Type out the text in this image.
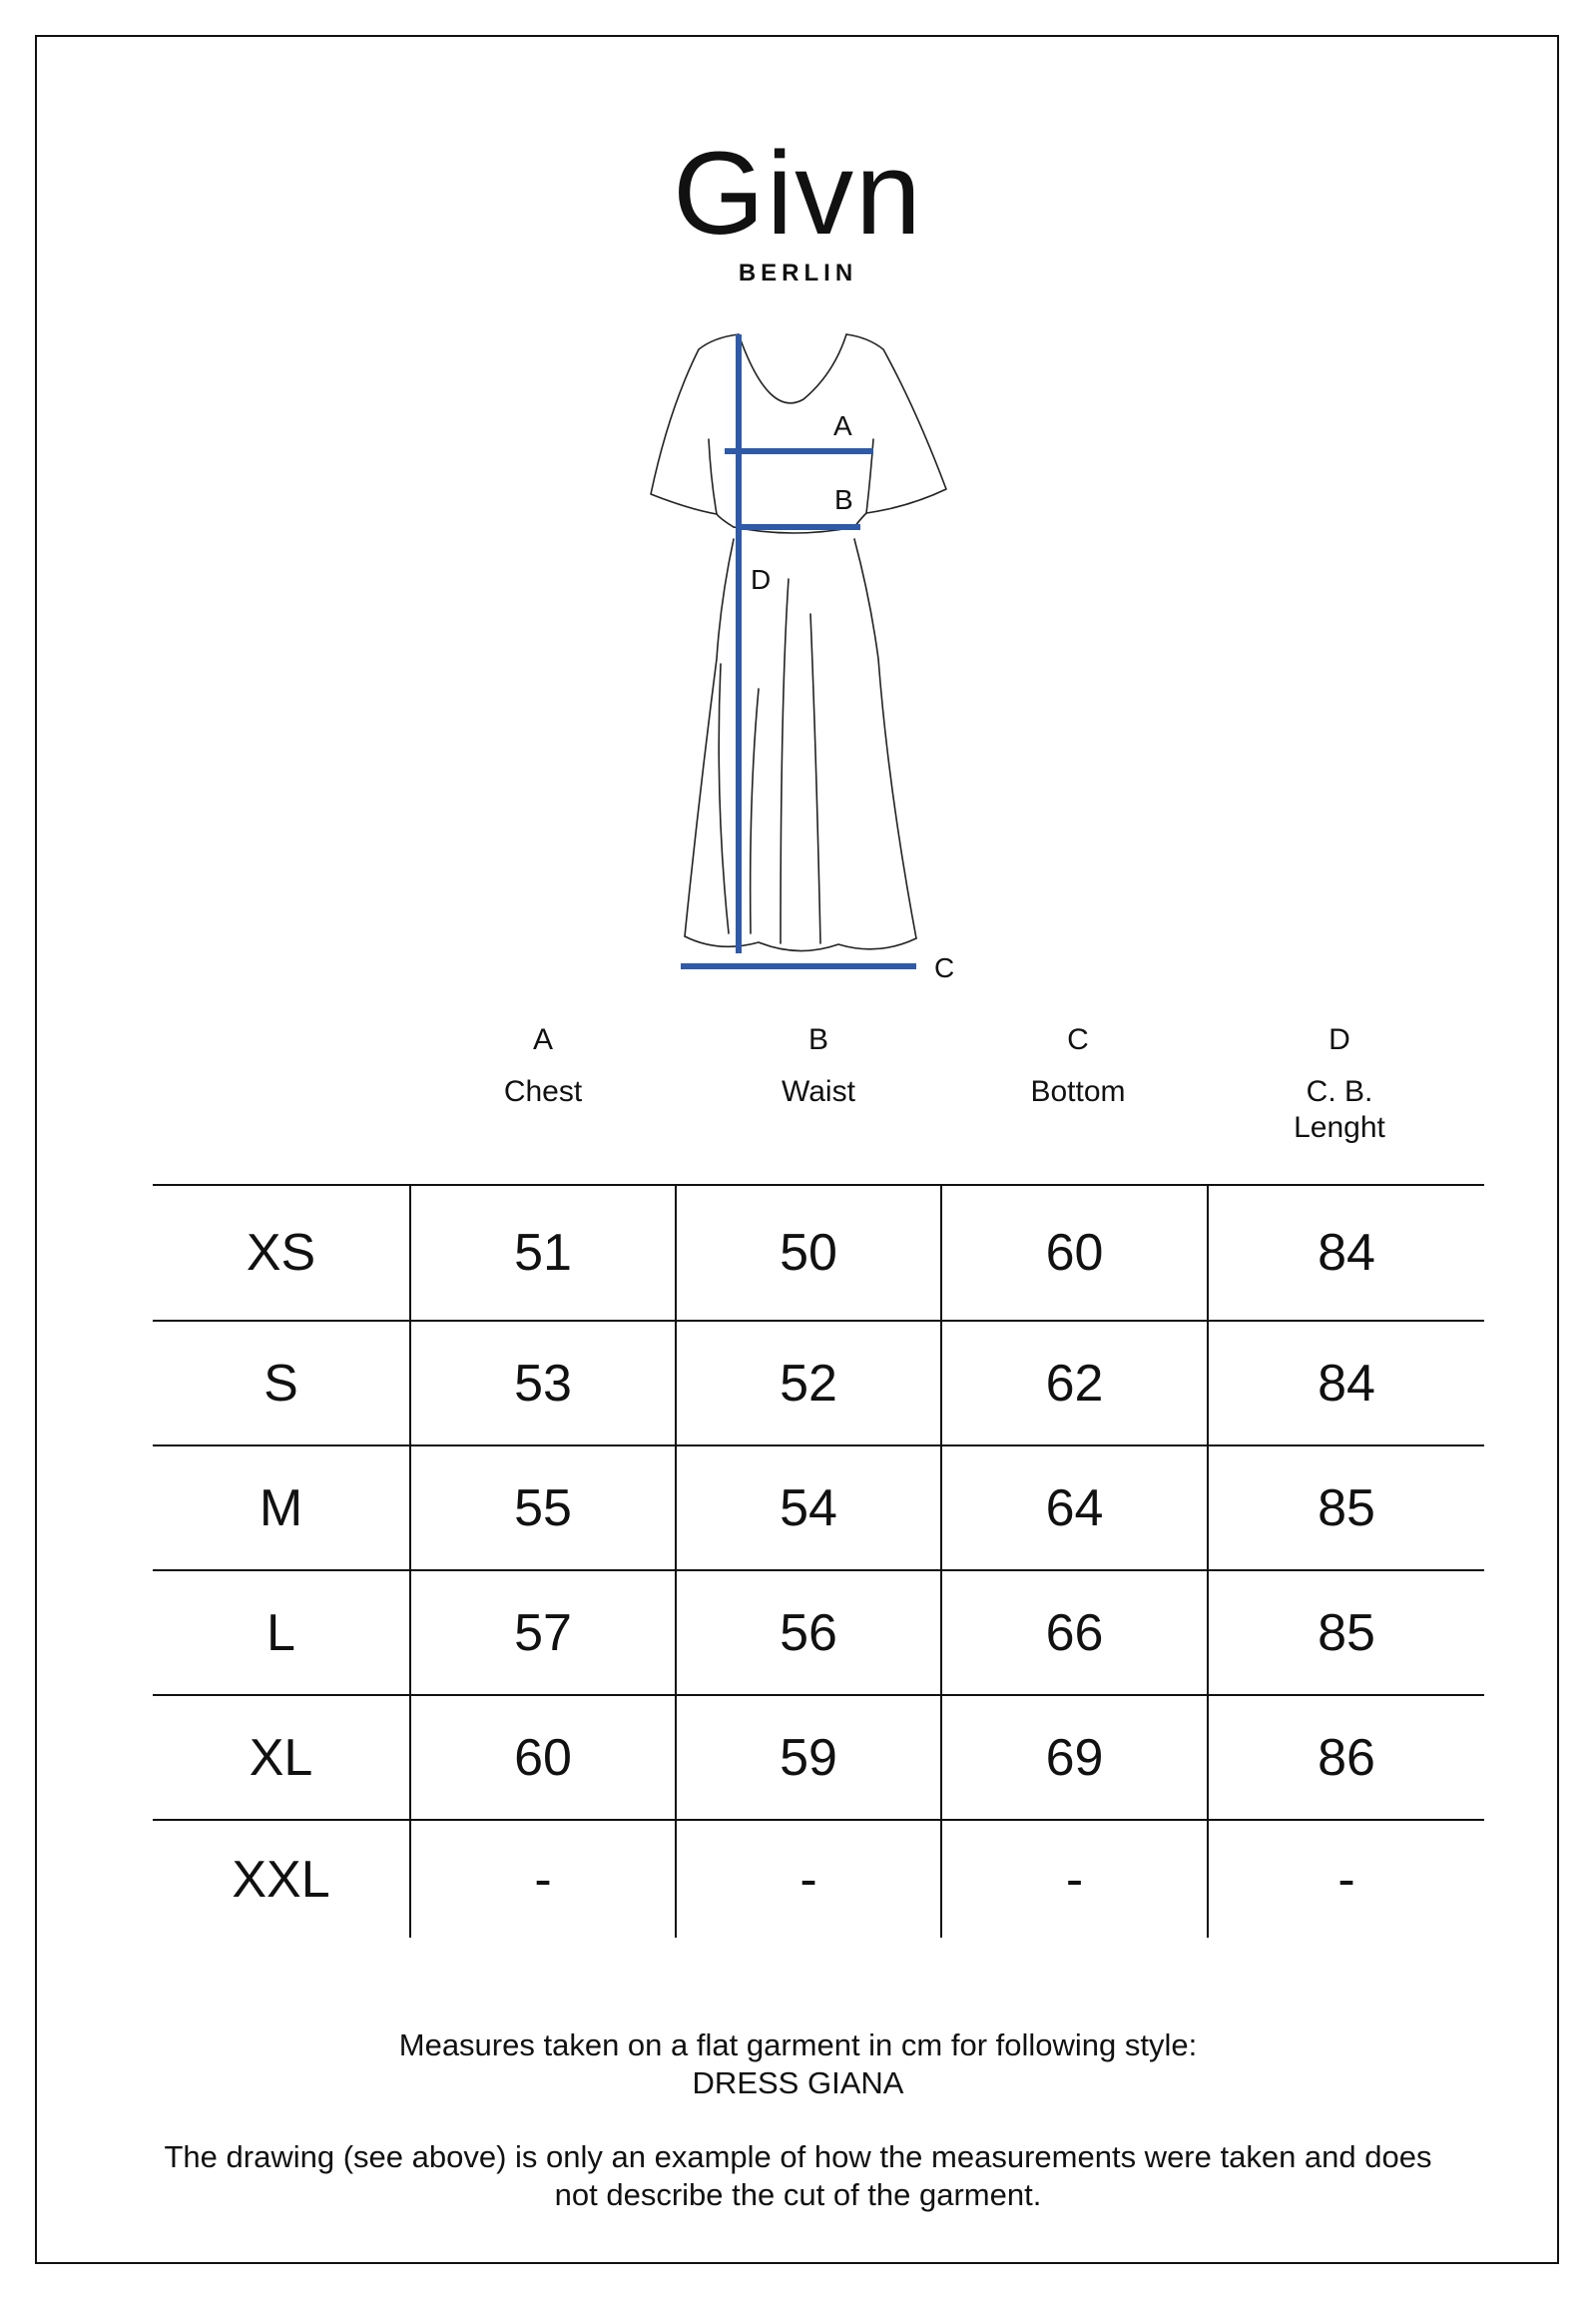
Givn
BERLIN
A
B
C
D
A
Chest
B
Waist
C
Bottom
D
C. B. Lenght
XS	51	50	60	84
S	53	52	62	84
M	55	54	64	85
L	57	56	66	85
XL	60	59	69	86
XXL	-	-	-	-
Measures taken on a flat garment in cm for following style:
DRESS GIANA
The drawing (see above) is only an example of how the measurements were taken and does
not describe the cut of the garment.
